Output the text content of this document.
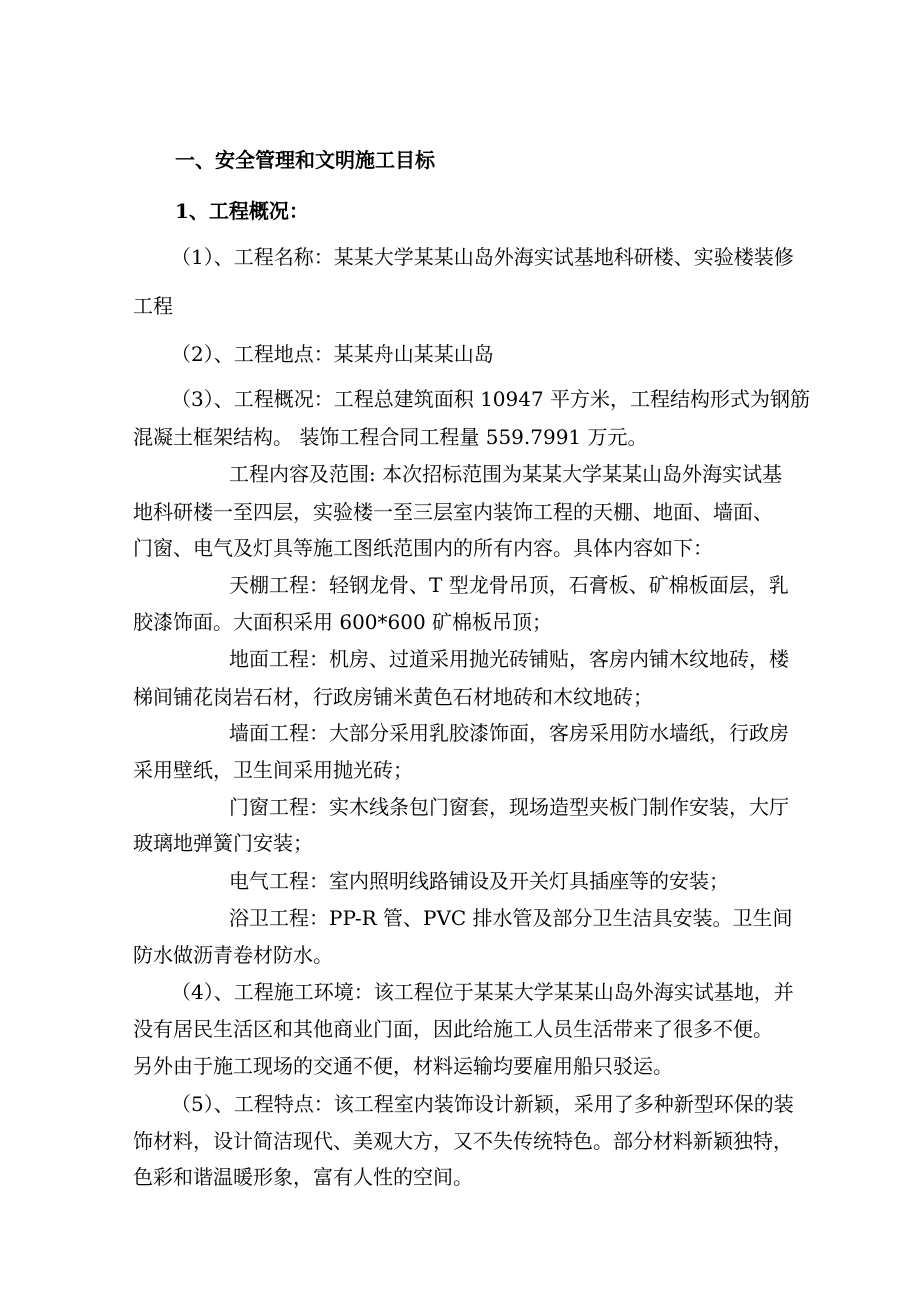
一、安全管理和文明施工目标
1、工程概况：
（1）、工程名称：某某大学某某山岛外海实试基地科研楼、实验楼装修
工程
（2）、工程地点：某某舟山某某山岛
（3）、工程概况：工程总建筑面积 10947 平方米，工程结构形式为钢筋
混凝土框架结构。 装饰工程合同工程量 559.7991 万元。
工程内容及范围: 本次招标范围为某某大学某某山岛外海实试基
地科研楼一至四层，实验楼一至三层室内装饰工程的天棚、地面、墙面、
门窗、电气及灯具等施工图纸范围内的所有内容。具体内容如下：
天棚工程：轻钢龙骨、T 型龙骨吊顶，石膏板、矿棉板面层，乳
胶漆饰面。大面积采用 600*600 矿棉板吊顶；
地面工程：机房、过道采用抛光砖铺贴，客房内铺木纹地砖，楼
梯间铺花岗岩石材，行政房铺米黄色石材地砖和木纹地砖；
墙面工程：大部分采用乳胶漆饰面，客房采用防水墙纸，行政房
采用壁纸，卫生间采用抛光砖；
门窗工程：实木线条包门窗套，现场造型夹板门制作安装，大厅
玻璃地弹簧门安装；
电气工程：室内照明线路铺设及开关灯具插座等的安装；
浴卫工程：PP-R 管、PVC 排水管及部分卫生洁具安装。卫生间
防水做沥青卷材防水。
（4）、工程施工环境：该工程位于某某大学某某山岛外海实试基地，并
没有居民生活区和其他商业门面，因此给施工人员生活带来了很多不便。
另外由于施工现场的交通不便，材料运输均要雇用船只驳运。
（5）、工程特点：该工程室内装饰设计新颖，采用了多种新型环保的装
饰材料，设计简洁现代、美观大方，又不失传统特色。部分材料新颖独特，
色彩和谐温暖形象，富有人性的空间。
